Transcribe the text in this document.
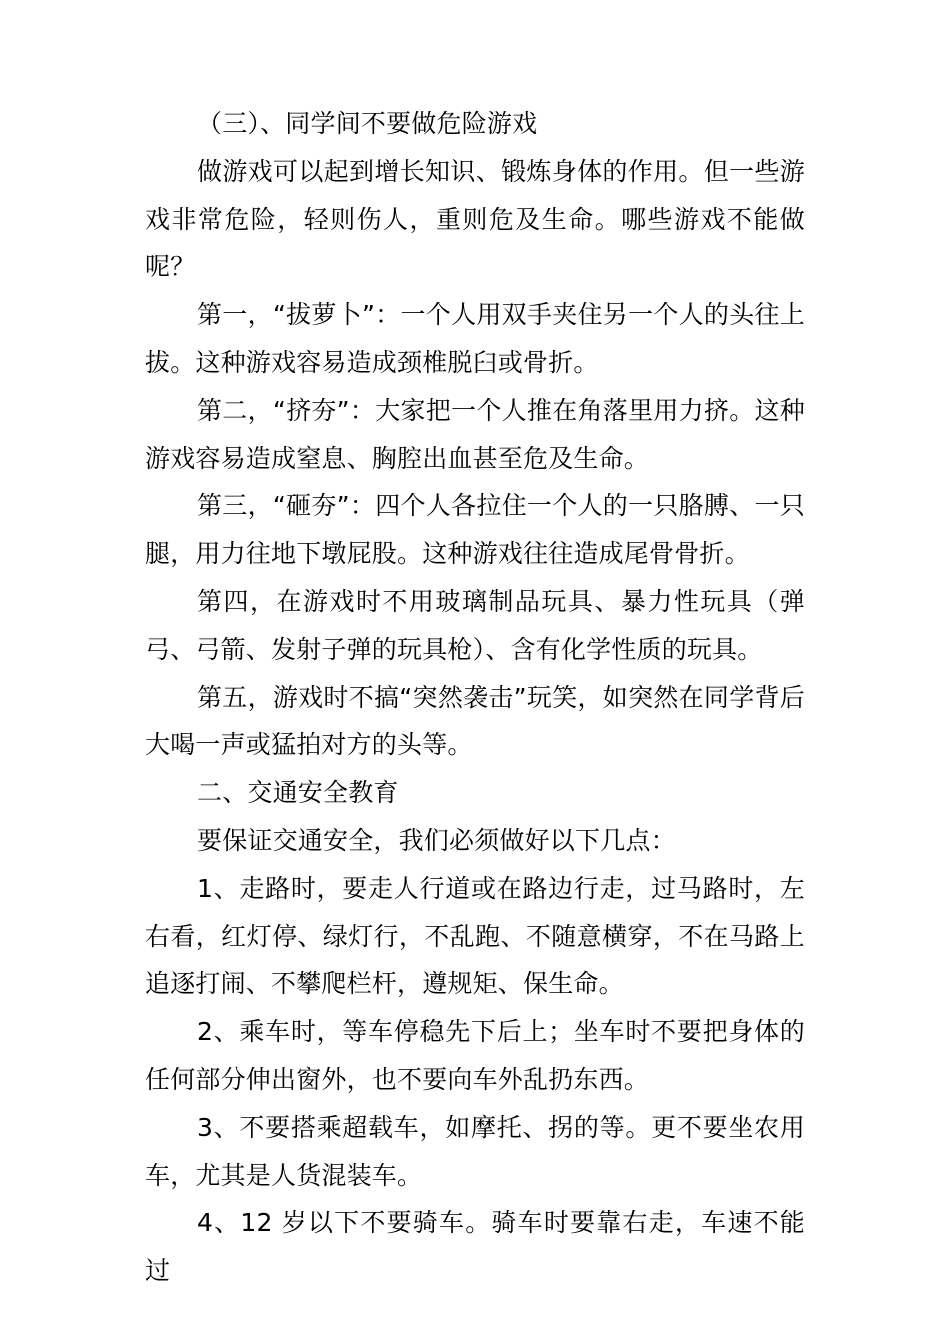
（三）、同学间不要做危险游戏

做游戏可以起到增长知识、锻炼身体的作用。但一些游戏非常危险，轻则伤人，重则危及生命。哪些游戏不能做呢？

第一，“拔萝卜”：一个人用双手夹住另一个人的头往上拔。这种游戏容易造成颈椎脱臼或骨折。

第二，“挤夯”：大家把一个人推在角落里用力挤。这种游戏容易造成窒息、胸腔出血甚至危及生命。

第三，“砸夯”：四个人各拉住一个人的一只胳膊、一只腿，用力往地下墩屁股。这种游戏往往造成尾骨骨折。

第四，在游戏时不用玻璃制品玩具、暴力性玩具（弹弓、弓箭、发射子弹的玩具枪）、含有化学性质的玩具。

第五，游戏时不搞“突然袭击”玩笑，如突然在同学背后大喝一声或猛拍对方的头等。

二、交通安全教育

要保证交通安全，我们必须做好以下几点：

1、走路时，要走人行道或在路边行走，过马路时，左右看，红灯停、绿灯行，不乱跑、不随意横穿，不在马路上追逐打闹、不攀爬栏杆，遵规矩、保生命。

2、乘车时，等车停稳先下后上；坐车时不要把身体的任何部分伸出窗外，也不要向车外乱扔东西。

3、不要搭乘超载车，如摩托、拐的等。更不要坐农用车，尤其是人货混装车。

4、12 岁以下不要骑车。骑车时要靠右走，车速不能过
